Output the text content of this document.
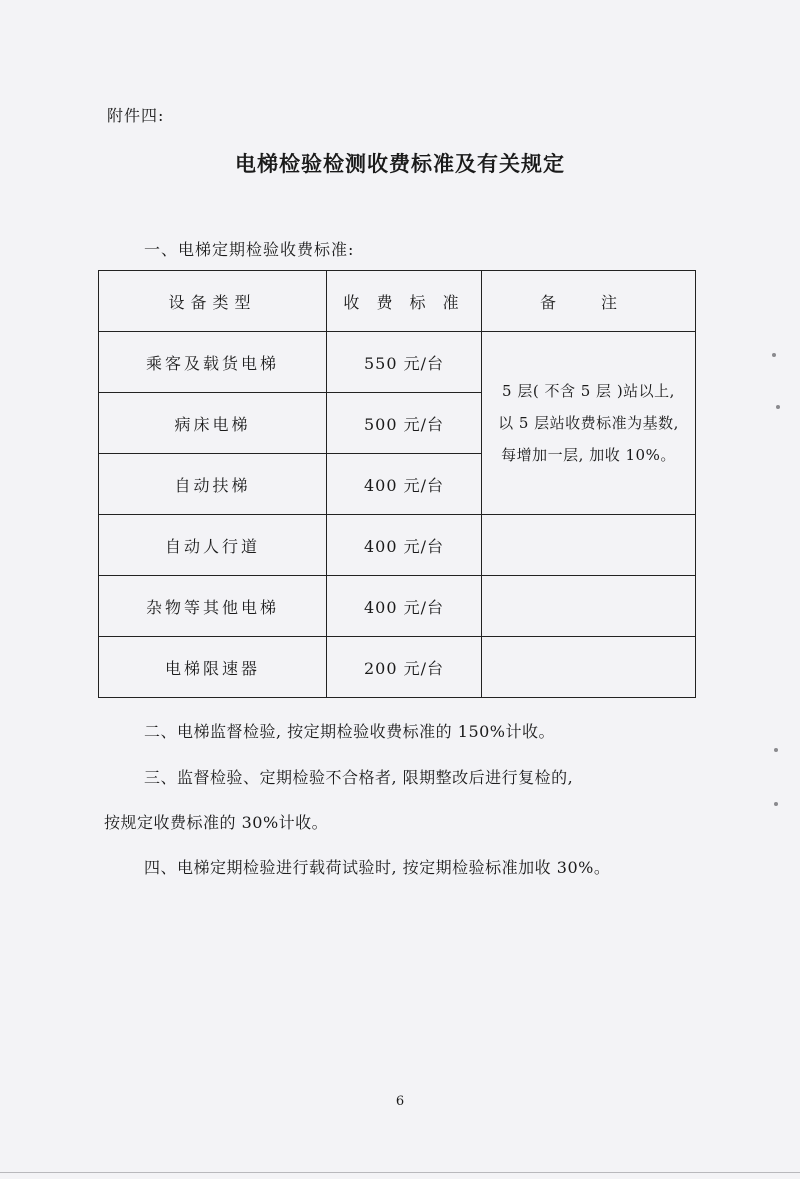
附件四:
电梯检验检测收费标准及有关规定
一、电梯定期检验收费标准:
设备类型	收 费 标 准	备 注
乘客及载货电梯	550 元/台	5 层( 不含 5 层 )站以上,
以 5 层站收费标准为基数,
每增加一层, 加收 10%。

病床电梯	500 元/台	
自动扶梯	400 元/台	
自动人行道	400 元/台	
杂物等其他电梯	400 元/台	
电梯限速器	200 元/台	
二、电梯监督检验, 按定期检验收费标准的 150%计收。
三、监督检验、定期检验不合格者, 限期整改后进行复检的,
按规定收费标准的 30%计收。
四、电梯定期检验进行载荷试验时, 按定期检验标准加收 30%。
6
